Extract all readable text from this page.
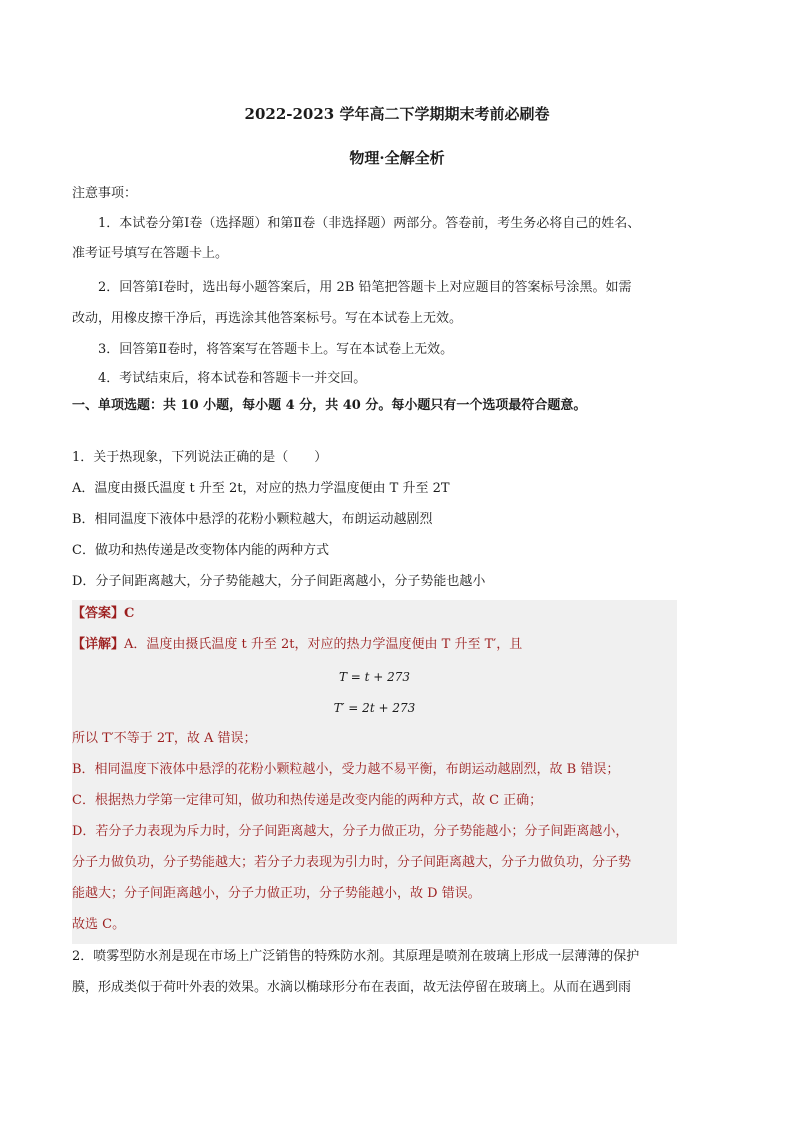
2022-2023 学年高二下学期期末考前必刷卷
物理·全解全析
注意事项：
1．本试卷分第Ⅰ卷（选择题）和第Ⅱ卷（非选择题）两部分。答卷前，考生务必将自己的姓名、
准考证号填写在答题卡上。
2．回答第Ⅰ卷时，选出每小题答案后，用 2B 铅笔把答题卡上对应题目的答案标号涂黑。如需
改动，用橡皮擦干净后，再选涂其他答案标号。写在本试卷上无效。
3．回答第Ⅱ卷时，将答案写在答题卡上。写在本试卷上无效。
4．考试结束后，将本试卷和答题卡一并交回。
一、单项选题：共 10 小题，每小题 4 分，共 40 分。每小题只有一个选项最符合题意。
1．关于热现象，下列说法正确的是（　　）
A．温度由摄氏温度 t 升至 2t，对应的热力学温度便由 T 升至 2T
B．相同温度下液体中悬浮的花粉小颗粒越大，布朗运动越剧烈
C．做功和热传递是改变物体内能的两种方式
D．分子间距离越大，分子势能越大，分子间距离越小，分子势能也越小
【答案】C
【详解】A．温度由摄氏温度 t 升至 2t，对应的热力学温度便由 T 升至 T′，且
T = t + 273
T′ = 2t + 273
所以 T′不等于 2T，故 A 错误；
B．相同温度下液体中悬浮的花粉小颗粒越小，受力越不易平衡，布朗运动越剧烈，故 B 错误；
C．根据热力学第一定律可知，做功和热传递是改变内能的两种方式，故 C 正确；
D．若分子力表现为斥力时，分子间距离越大，分子力做正功，分子势能越小；分子间距离越小，
分子力做负功，分子势能越大；若分子力表现为引力时，分子间距离越大，分子力做负功，分子势
能越大；分子间距离越小，分子力做正功，分子势能越小，故 D 错误。
故选 C。
2．喷雾型防水剂是现在市场上广泛销售的特殊防水剂。其原理是喷剂在玻璃上形成一层薄薄的保护
膜，形成类似于荷叶外表的效果。水滴以椭球形分布在表面，故无法停留在玻璃上。从而在遇到雨
